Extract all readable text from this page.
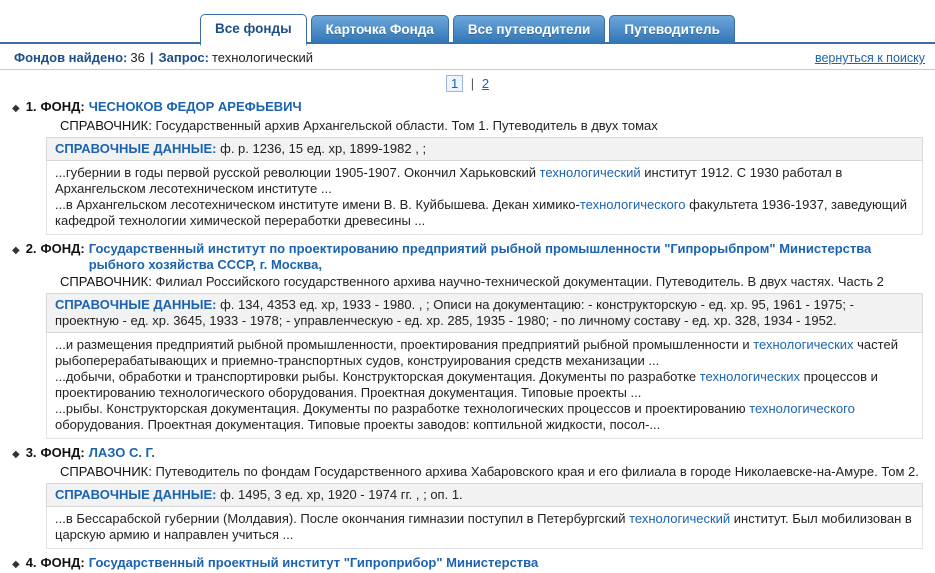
Все фонды	Карточка Фонда	Все путеводители	Путеводитель
Фондов найдено: 36 | Запрос: технологический	вернуться к поиску
1 | 2
◆ 1. ФОНД: ЧЕСНОКОВ ФЕДОР АРЕФЬЕВИЧ
СПРАВОЧНИК: Государственный архив Архангельской области. Том 1. Путеводитель в двух томах
СПРАВОЧНЫЕ ДАННЫЕ: ф. р. 1236, 15 ед. хр, 1899-1982 , ;
...губернии в годы первой русской революции 1905-1907. Окончил Харьковский технологический институт 1912. С 1930 работал в Архангельском лесотехническом институте ...
...в Архангельском лесотехническом институте имени В. В. Куйбышева. Декан химико-технологического факультета 1936-1937, заведующий кафедрой технологии химической переработки древесины ...
◆ 2. ФОНД: Государственный институт по проектированию предприятий рыбной промышленности "Гипрорыбпром" Министерства рыбного хозяйства СССР, г. Москва,
СПРАВОЧНИК: Филиал Российского государственного архива научно-технической документации. Путеводитель. В двух частях. Часть 2
СПРАВОЧНЫЕ ДАННЫЕ: ф. 134, 4353 ед. хр, 1933 - 1980. , ; Описи на документацию: - конструкторскую - ед. хр. 95, 1961 - 1975; - проектную - ед. хр. 3645, 1933 - 1978; - управленческую - ед. хр. 285, 1935 - 1980; - по личному составу - ед. хр. 328, 1934 - 1952.
...и размещения предприятий рыбной промышленности, проектирования предприятий рыбной промышленности и технологических частей рыбоперерабатывающих и приемно-транспортных судов, конструирования средств механизации ...
...добычи, обработки и транспортировки рыбы. Конструкторская документация. Документы по разработке технологических процессов и проектированию технологического оборудования. Проектная документация. Типовые проекты ...
...рыбы. Конструкторская документация. Документы по разработке технологических процессов и проектированию технологического оборудования. Проектная документация. Типовые проекты заводов: коптильной жидкости, посол-...
◆ 3. ФОНД: ЛАЗО С. Г.
СПРАВОЧНИК: Путеводитель по фондам Государственного архива Хабаровского края и его филиала в городе Николаевске-на-Амуре. Том 2.
СПРАВОЧНЫЕ ДАННЫЕ: ф. 1495, 3 ед. хр, 1920 - 1974 гг. , ; оп. 1.
...в Бессарабской губернии (Молдавия). После окончания гимназии поступил в Петербургский технологический институт. Был мобилизован в царскую армию и направлен учиться ...
◆ 4. ФОНД: Государственный проектный институт "Гипроприбор" Министерства
